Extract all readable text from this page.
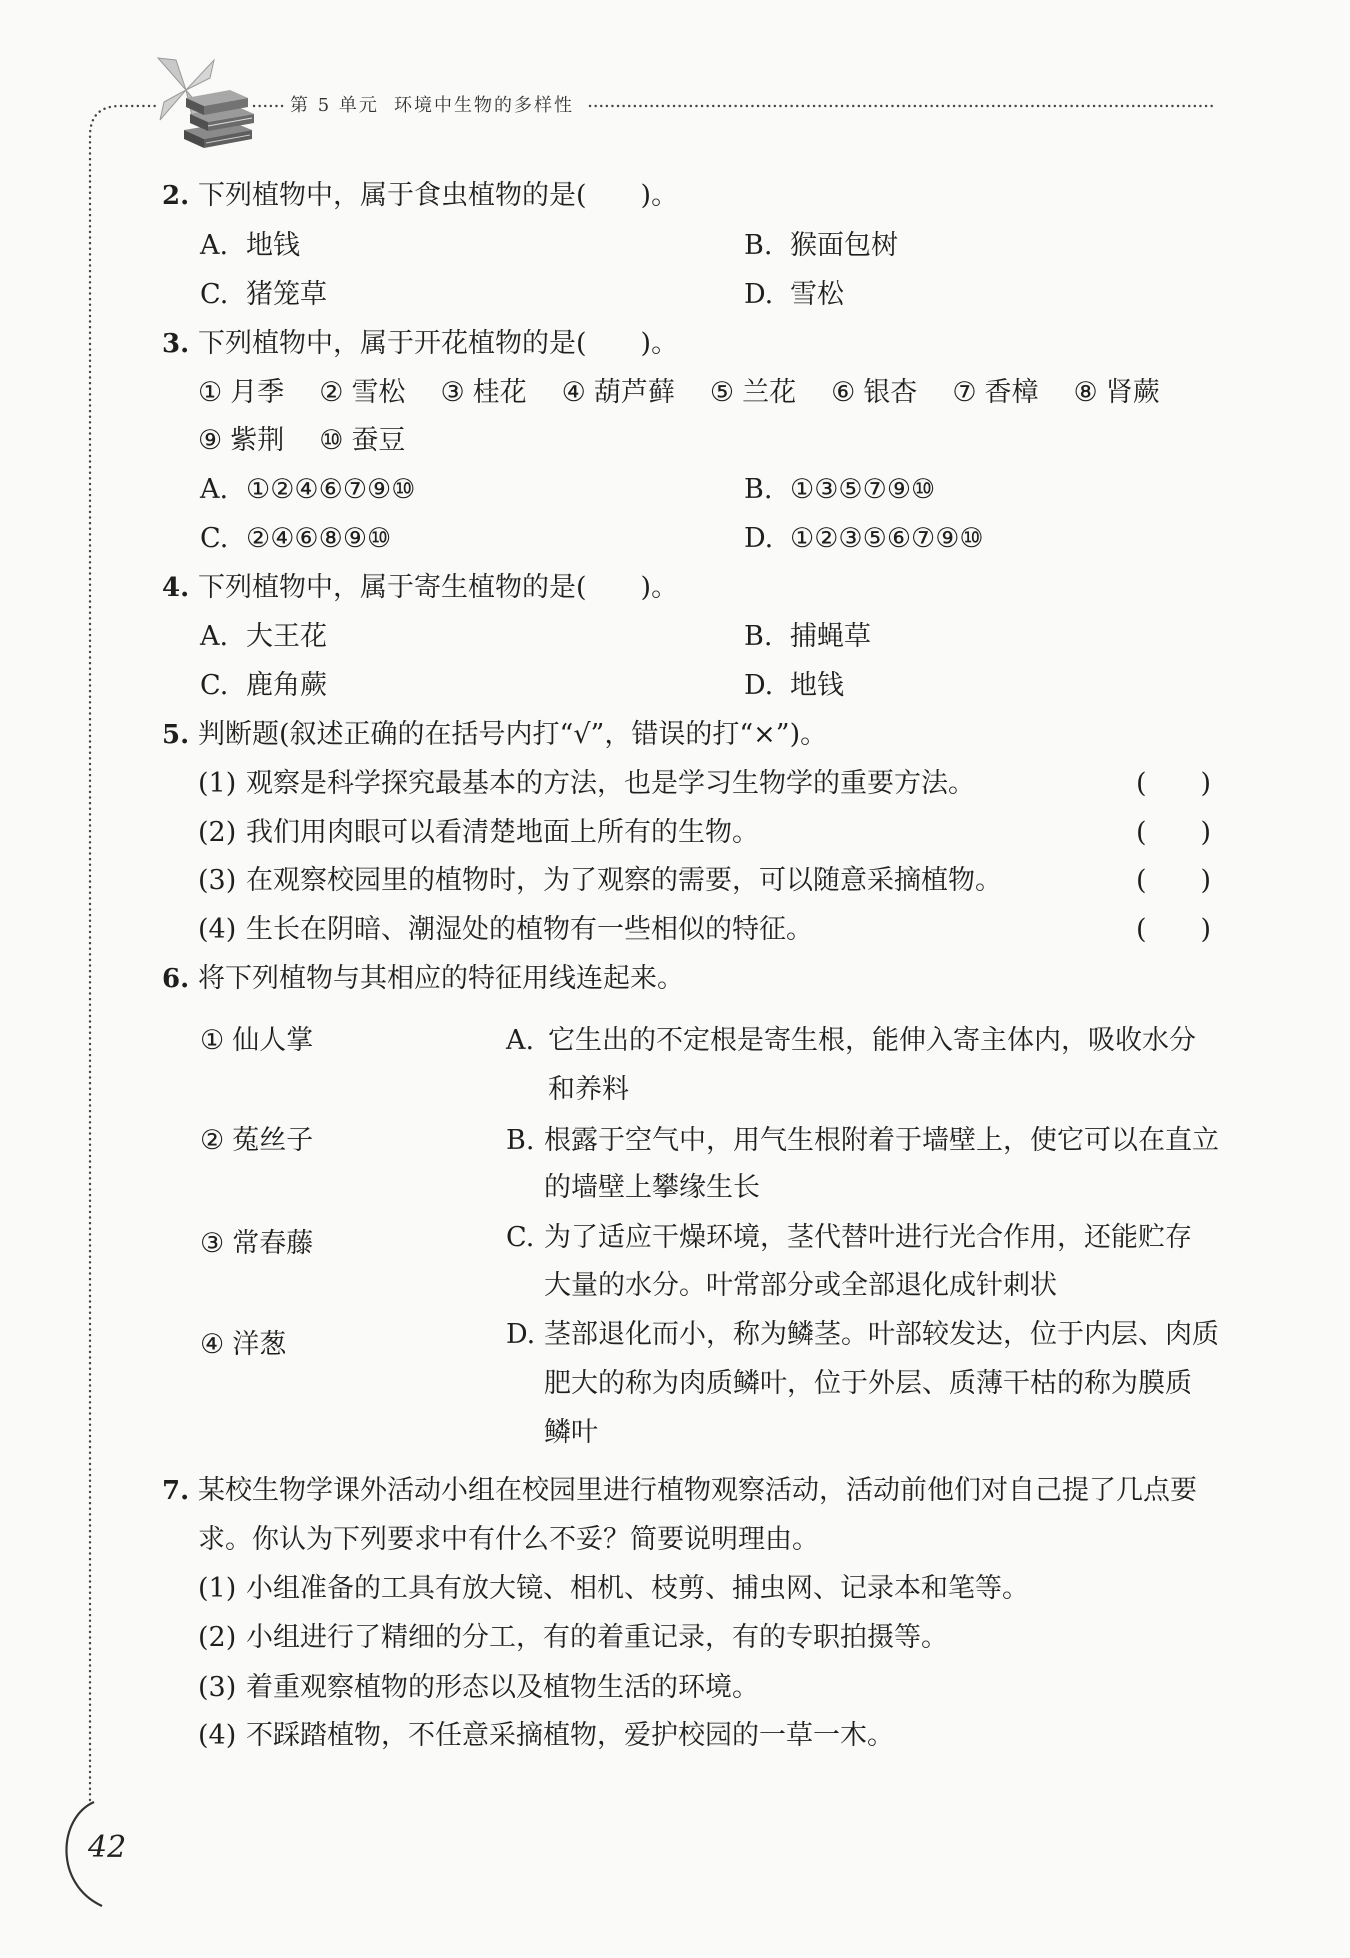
第 5 单元 环境中生物的多样性
2. 下列植物中，属于食虫植物的是(　　)。
A. 地钱	B. 猴面包树
C. 猪笼草	D. 雪松
3. 下列植物中，属于开花植物的是(　　)。
① 月季 ② 雪松 ③ 桂花 ④ 葫芦藓 ⑤ 兰花 ⑥ 银杏 ⑦ 香樟 ⑧ 肾蕨
⑨ 紫荆 ⑩ 蚕豆
A. ①②④⑥⑦⑨⑩	B. ①③⑤⑦⑨⑩
C. ②④⑥⑧⑨⑩	D. ①②③⑤⑥⑦⑨⑩
4. 下列植物中，属于寄生植物的是(　　)。
A. 大王花	B. 捕蝇草
C. 鹿角蕨	D. 地钱
5. 判断题(叙述正确的在括号内打“√”，错误的打“×”)。
(1) 观察是科学探究最基本的方法，也是学习生物学的重要方法。	(　　)
(2) 我们用肉眼可以看清楚地面上所有的生物。	(　　)
(3) 在观察校园里的植物时，为了观察的需要，可以随意采摘植物。	(　　)
(4) 生长在阴暗、潮湿处的植物有一些相似的特征。	(　　)
6. 将下列植物与其相应的特征用线连起来。
① 仙人掌	A. 它生出的不定根是寄生根，能伸入寄主体内，吸收水分
和养料
② 菟丝子	B. 根露于空气中，用气生根附着于墙壁上，使它可以在直立
的墙壁上攀缘生长
③ 常春藤	C. 为了适应干燥环境，茎代替叶进行光合作用，还能贮存
大量的水分。叶常部分或全部退化成针刺状
④ 洋葱	D. 茎部退化而小，称为鳞茎。叶部较发达，位于内层、肉质
肥大的称为肉质鳞叶，位于外层、质薄干枯的称为膜质
鳞叶
7. 某校生物学课外活动小组在校园里进行植物观察活动，活动前他们对自己提了几点要
求。你认为下列要求中有什么不妥？简要说明理由。
(1) 小组准备的工具有放大镜、相机、枝剪、捕虫网、记录本和笔等。
(2) 小组进行了精细的分工，有的着重记录，有的专职拍摄等。
(3) 着重观察植物的形态以及植物生活的环境。
(4) 不踩踏植物，不任意采摘植物，爱护校园的一草一木。
42
